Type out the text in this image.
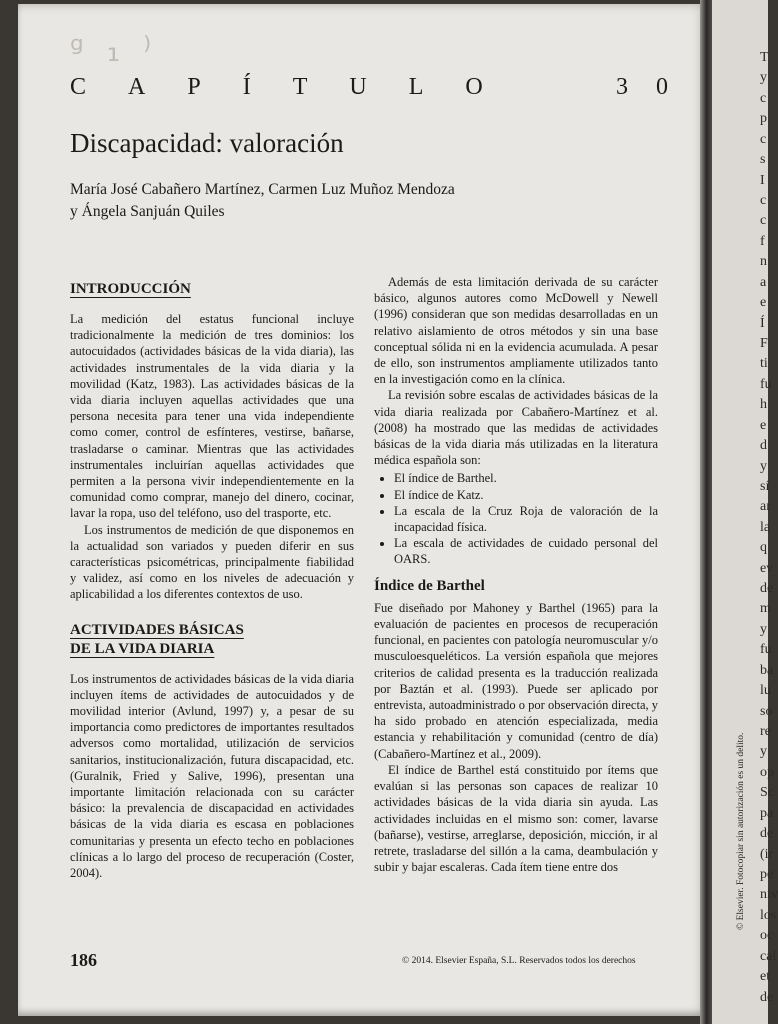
ᵍ ₁ ⁾
C A P Í T U L O	3 0
Discapacidad: valoración
María José Cabañero Martínez, Carmen Luz Muñoz Mendoza
y Ángela Sanjuán Quiles
INTRODUCCIÓN

La medición del estatus funcional incluye tradicionalmente la medición de tres dominios: los autocuidados (actividades básicas de la vida diaria), las actividades instrumentales de la vida diaria y la movilidad (Katz, 1983). Las actividades básicas de la vida diaria incluyen aquellas actividades que una persona necesita para tener una vida independiente como comer, control de esfínteres, vestirse, bañarse, trasladarse o caminar. Mientras que las actividades instrumentales incluirían aquellas actividades que permiten a la persona vivir independientemente en la comunidad como comprar, manejo del dinero, cocinar, lavar la ropa, uso del teléfono, uso del trasporte, etc.

Los instrumentos de medición de que disponemos en la actualidad son variados y pueden diferir en sus características psicométricas, principalmente fiabilidad y validez, así como en los niveles de adecuación y aplicabilidad a los diferentes contextos de uso.

ACTIVIDADES BÁSICAS
DE LA VIDA DIARIA

Los instrumentos de actividades básicas de la vida diaria incluyen ítems de actividades de autocuidados y de movilidad interior (Avlund, 1997) y, a pesar de su importancia como predictores de importantes resultados adversos como mortalidad, utilización de servicios sanitarios, institucionalización, futura discapacidad, etc. (Guralnik, Fried y Salive, 1996), presentan una importante limitación relacionada con su carácter básico: la prevalencia de discapacidad en actividades básicas de la vida diaria es escasa en poblaciones comunitarias y presenta un efecto techo en poblaciones clínicas a lo largo del proceso de recuperación (Coster, 2004).

Además de esta limitación derivada de su carácter básico, algunos autores como McDowell y Newell (1996) consideran que son medidas desarrolladas en un relativo aislamiento de otros métodos y sin una base conceptual sólida ni en la evidencia acumulada. A pesar de ello, son instrumentos ampliamente utilizados tanto en la investigación como en la clínica.

La revisión sobre escalas de actividades básicas de la vida diaria realizada por Cabañero-Martínez et al. (2008) ha mostrado que las medidas de actividades básicas de la vida diaria más utilizadas en la literatura médica española son:

• El índice de Barthel.
• El índice de Katz.
• La escala de la Cruz Roja de valoración de la incapacidad física.
• La escala de actividades de cuidado personal del OARS.
Índice de Barthel

Fue diseñado por Mahoney y Barthel (1965) para la evaluación de pacientes en procesos de recuperación funcional, en pacientes con patología neuromuscular y/o musculoesqueléticos. La versión española que mejores criterios de calidad presenta es la traducción realizada por Baztán et al. (1993). Puede ser aplicado por entrevista, autoadministrado o por observación directa, y ha sido probado en atención especializada, media estancia y rehabilitación y comunidad (centro de día) (Cabañero-Martínez et al., 2009).

El índice de Barthel está constituido por ítems que evalúan si las personas son capaces de realizar 10 actividades básicas de la vida diaria sin ayuda. Las actividades incluidas en el mismo son: comer, lavarse (bañarse), vestirse, arreglarse, deposición, micción, ir al retrete, trasladarse del sillón a la cama, deambulación y subir y bajar escaleras. Cada ítem tiene entre dos

186	© 2014. Elsevier España, S.L. Reservados todos los derechos
T
y
c
p
c
s
I
c
c
f
n
a
e
Í
F
ti
fu
h
e
d
y
sí
ar
la
q
ev
de
m
y
fu
ba
lu
so
re
y
op
Sc
pa
de
(ir
pe
niv
los
oc
cal
et
de
© Elsevier. Fotocopiar sin autorización es un delito.
